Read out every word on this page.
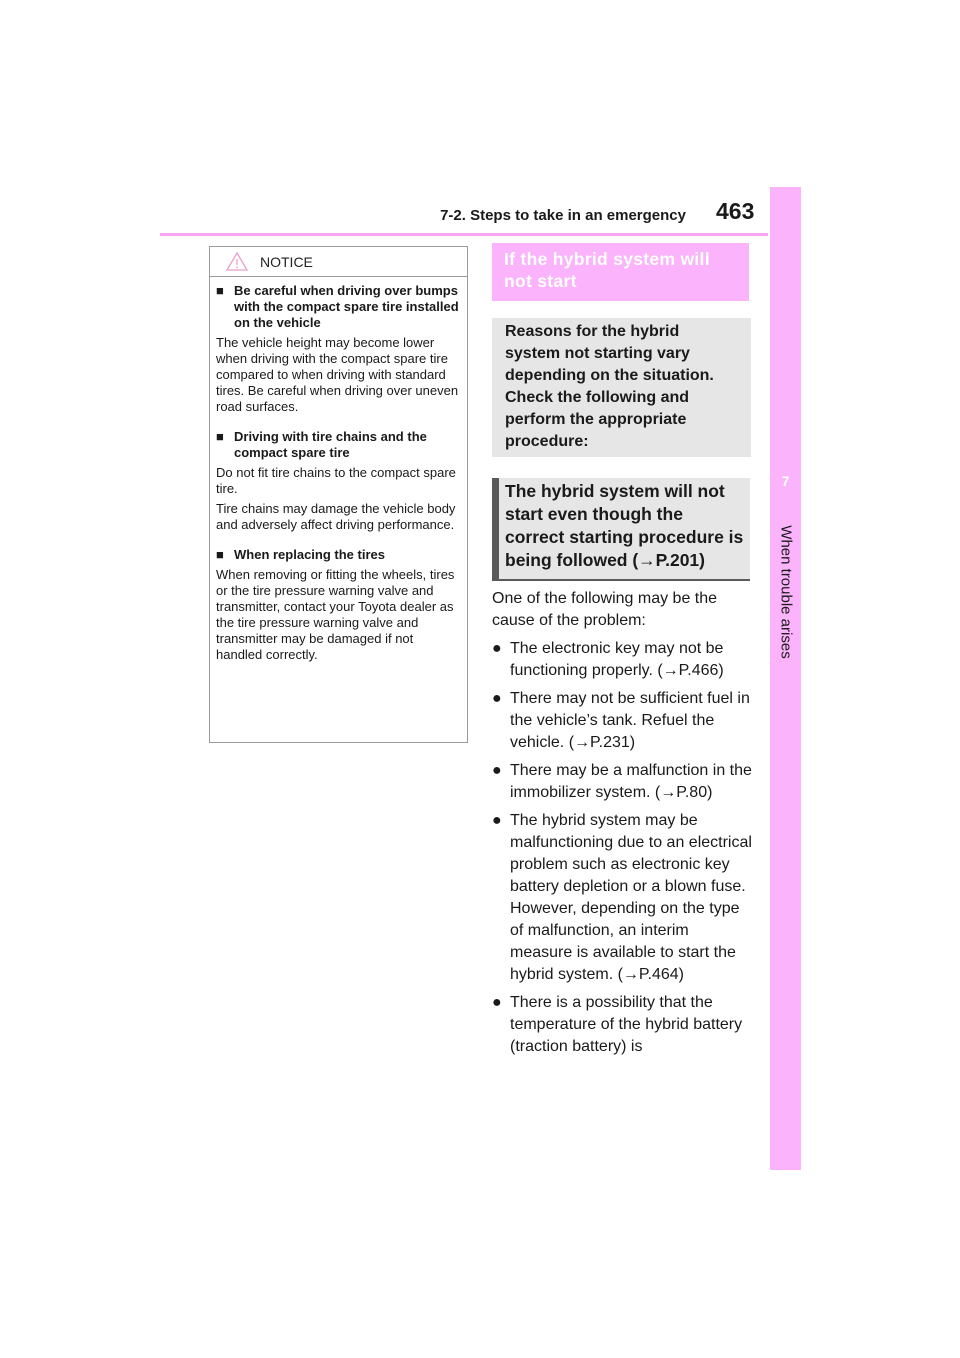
7-2. Steps to take in an emergency 463
7
When trouble arises
NOTICE
■ Be careful when driving over bumps with the compact spare tire installed on the vehicle
The vehicle height may become lower when driving with the compact spare tire compared to when driving with standard tires. Be careful when driving over uneven road surfaces.
■ Driving with tire chains and the compact spare tire
Do not fit tire chains to the compact spare tire.
Tire chains may damage the vehicle body and adversely affect driving performance.
■ When replacing the tires
When removing or fitting the wheels, tires or the tire pressure warning valve and transmitter, contact your Toyota dealer as the tire pressure warning valve and transmitter may be damaged if not handled correctly.
If the hybrid system will not start
Reasons for the hybrid system not starting vary depending on the situation. Check the following and perform the appropriate procedure:
The hybrid system will not start even though the correct starting procedure is being followed (→P.201)

One of the following may be the cause of the problem:

● The electronic key may not be functioning properly. (→P.466)
● There may not be sufficient fuel in the vehicle’s tank. Refuel the vehicle. (→P.231)
● There may be a malfunction in the immobilizer system. (→P.80)
● The hybrid system may be malfunctioning due to an electrical problem such as electronic key battery depletion or a blown fuse. However, depending on the type of malfunction, an interim measure is available to start the hybrid system. (→P.464)
● There is a possibility that the temperature of the hybrid battery (traction battery) is
